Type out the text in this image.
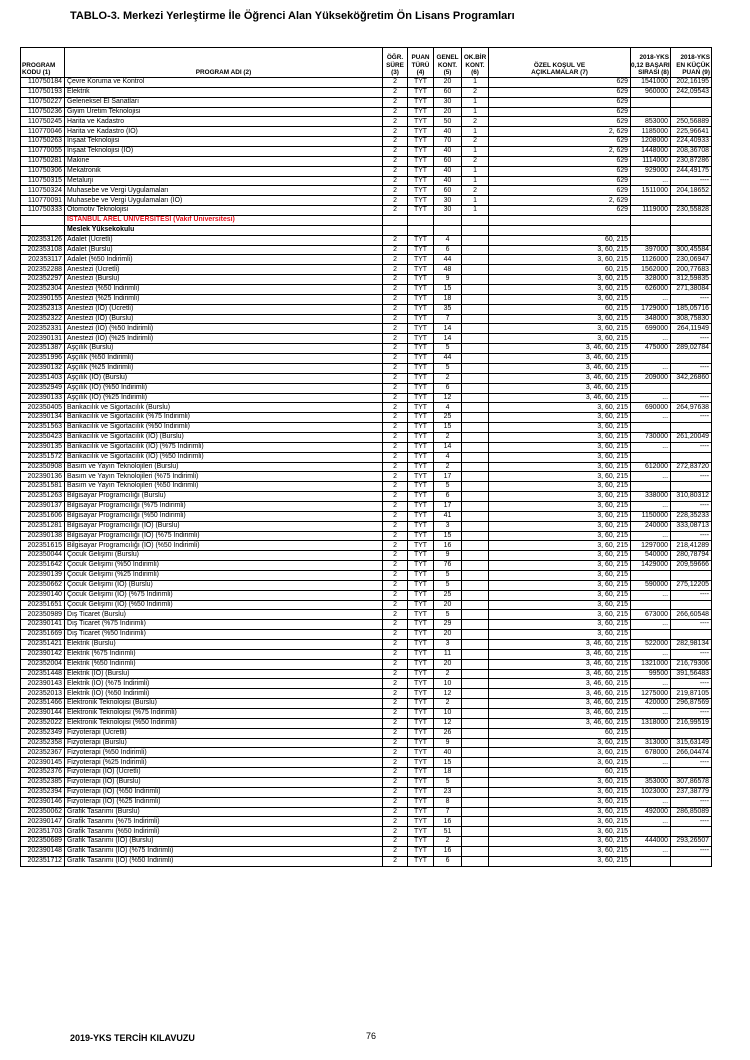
TABLO-3. Merkezi Yerleştirme İle Öğrenci Alan Yükseköğretim Ön Lisans Programları
PROGRAM
KODU (1)	PROGRAM ADI (2)	ÖĞR.
SÜRE
(3)	PUAN
TÜRÜ
(4)	GENEL
KONT.
(5)	OK.BİR
KONT.
(6)	ÖZEL KOŞUL VE
AÇIKLAMALAR (7)	2018-YKS
0,12 BAŞARI
SIRASI (8)	2018-YKS
EN KÜÇÜK
PUAN (9)
110750184	Çevre Koruma ve Kontrol	2	TYT	20	1	629	1541000	202,16195
110750193	Elektrik	2	TYT	60	2	629	960000	242,09543
110750227	Geleneksel El Sanatları	2	TYT	30	1	629		
110750236	Giyim Üretim Teknolojisi	2	TYT	20	1	629		
110750245	Harita ve Kadastro	2	TYT	50	2	629	853000	250,56889
110770046	Harita ve Kadastro (İÖ)	2	TYT	40	1	2, 629	1185000	225,96641
110750263	İnşaat Teknolojisi	2	TYT	70	2	629	1208000	224,40933
110770055	İnşaat Teknolojisi (İÖ)	2	TYT	40	1	2, 629	1448000	208,36708
110750281	Makine	2	TYT	60	2	629	1114000	230,87286
110750306	Mekatronik	2	TYT	40	1	629	929000	244,49175
110750315	Metalurji	2	TYT	40	1	629	...	----
110750324	Muhasebe ve Vergi Uygulamaları	2	TYT	60	2	629	1511000	204,18652
110770091	Muhasebe ve Vergi Uygulamaları (İÖ)	2	TYT	30	1	2, 629		
110750333	Otomotiv Teknolojisi	2	TYT	30	1	629	1119000	230,55828
	İSTANBUL AREL ÜNİVERSİTESİ (Vakıf Üniversitesi)							
	Meslek Yüksekokulu							
202353126	Adalet (Ücretli)	2	TYT	4		60, 215		
202353108	Adalet (Burslu)	2	TYT	6		3, 60, 215	397000	300,45584
202353117	Adalet (%50 İndirimli)	2	TYT	44		3, 60, 215	1126000	230,06947
202352288	Anestezi (Ücretli)	2	TYT	48		60, 215	1562000	200,77683
202352297	Anestezi (Burslu)	2	TYT	9		3, 60, 215	328000	312,59835
202352304	Anestezi (%50 İndirimli)	2	TYT	15		3, 60, 215	626000	271,38084
202390155	Anestezi (%25 İndirimli)	2	TYT	18		3, 60, 215	...	----
202352313	Anestezi (İÖ) (Ücretli)	2	TYT	35		60, 215	1729000	185,05716
202352322	Anestezi (İÖ) (Burslu)	2	TYT	7		3, 60, 215	348000	308,75830
202352331	Anestezi (İÖ) (%50 İndirimli)	2	TYT	14		3, 60, 215	699000	264,11949
202390131	Anestezi (İÖ) (%25 İndirimli)	2	TYT	14		3, 60, 215	...	----
202351387	Aşçılık (Burslu)	2	TYT	5		3, 46, 60, 215	475000	289,02784
202351996	Aşçılık (%50 İndirimli)	2	TYT	44		3, 46, 60, 215		
202390132	Aşçılık (%25 İndirimli)	2	TYT	5		3, 46, 60, 215	...	----
202351403	Aşçılık (İÖ) (Burslu)	2	TYT	2		3, 46, 60, 215	209000	342,26860
202352949	Aşçılık (İÖ) (%50 İndirimli)	2	TYT	6		3, 46, 60, 215		
202390133	Aşçılık (İÖ) (%25 İndirimli)	2	TYT	12		3, 46, 60, 215	...	----
202350405	Bankacılık ve Sigortacılık (Burslu)	2	TYT	4		3, 60, 215	690000	264,97638
202390134	Bankacılık ve Sigortacılık (%75 İndirimli)	2	TYT	25		3, 60, 215	...	----
202351563	Bankacılık ve Sigortacılık (%50 İndirimli)	2	TYT	15		3, 60, 215		
202350423	Bankacılık ve Sigortacılık (İÖ) (Burslu)	2	TYT	2		3, 60, 215	730000	261,20049
202390135	Bankacılık ve Sigortacılık (İÖ) (%75 İndirimli)	2	TYT	14		3, 60, 215	...	----
202351572	Bankacılık ve Sigortacılık (İÖ) (%50 İndirimli)	2	TYT	4		3, 60, 215		
202350908	Basım ve Yayın Teknolojileri (Burslu)	2	TYT	2		3, 60, 215	612000	272,83720
202390136	Basım ve Yayın Teknolojileri (%75 İndirimli)	2	TYT	17		3, 60, 215	...	----
202351581	Basım ve Yayın Teknolojileri (%50 İndirimli)	2	TYT	5		3, 60, 215		
202351263	Bilgisayar Programcılığı (Burslu)	2	TYT	6		3, 60, 215	338000	310,80312
202390137	Bilgisayar Programcılığı (%75 İndirimli)	2	TYT	17		3, 60, 215	...	----
202351606	Bilgisayar Programcılığı (%50 İndirimli)	2	TYT	41		3, 60, 215	1150000	228,35233
202351281	Bilgisayar Programcılığı (İÖ) (Burslu)	2	TYT	3		3, 60, 215	240000	333,08713
202390138	Bilgisayar Programcılığı (İÖ) (%75 İndirimli)	2	TYT	15		3, 60, 215	...	----
202351615	Bilgisayar Programcılığı (İÖ) (%50 İndirimli)	2	TYT	16		3, 60, 215	1297000	218,41289
202350044	Çocuk Gelişimi (Burslu)	2	TYT	9		3, 60, 215	540000	280,78794
202351642	Çocuk Gelişimi (%50 İndirimli)	2	TYT	76		3, 60, 215	1429000	209,59666
202390139	Çocuk Gelişimi (%25 İndirimli)	2	TYT	5		3, 60, 215		
202350662	Çocuk Gelişimi (İÖ) (Burslu)	2	TYT	5		3, 60, 215	590000	275,12205
202390140	Çocuk Gelişimi (İÖ) (%75 İndirimli)	2	TYT	25		3, 60, 215	...	----
202351651	Çocuk Gelişimi (İÖ) (%50 İndirimli)	2	TYT	20		3, 60, 215		
202350989	Dış Ticaret (Burslu)	2	TYT	5		3, 60, 215	673000	266,60548
202390141	Dış Ticaret (%75 İndirimli)	2	TYT	29		3, 60, 215	...	----
202351669	Dış Ticaret (%50 İndirimli)	2	TYT	20		3, 60, 215		
202351421	Elektrik (Burslu)	2	TYT	3		3, 46, 60, 215	522000	282,98134
202390142	Elektrik (%75 İndirimli)	2	TYT	11		3, 46, 60, 215	...	----
202352004	Elektrik (%50 İndirimli)	2	TYT	20		3, 46, 60, 215	1321000	216,79306
202351448	Elektrik (İÖ) (Burslu)	2	TYT	2		3, 46, 60, 215	99500	391,56483
202390143	Elektrik (İÖ) (%75 İndirimli)	2	TYT	10		3, 46, 60, 215	...	----
202352013	Elektrik (İÖ) (%50 İndirimli)	2	TYT	12		3, 46, 60, 215	1275000	219,87105
202351466	Elektronik Teknolojisi (Burslu)	2	TYT	2		3, 46, 60, 215	420000	296,87569
202390144	Elektronik Teknolojisi (%75 İndirimli)	2	TYT	10		3, 46, 60, 215	...	----
202352022	Elektronik Teknolojisi (%50 İndirimli)	2	TYT	12		3, 46, 60, 215	1318000	216,99519
202352349	Fizyoterapi (Ücretli)	2	TYT	26		60, 215		
202352358	Fizyoterapi (Burslu)	2	TYT	9		3, 60, 215	313000	315,63149
202352367	Fizyoterapi (%50 İndirimli)	2	TYT	40		3, 60, 215	678000	266,04474
202390145	Fizyoterapi (%25 İndirimli)	2	TYT	15		3, 60, 215	...	----
202352376	Fizyoterapi (İÖ) (Ücretli)	2	TYT	18		60, 215		
202352385	Fizyoterapi (İÖ) (Burslu)	2	TYT	5		3, 60, 215	353000	307,86578
202352394	Fizyoterapi (İÖ) (%50 İndirimli)	2	TYT	23		3, 60, 215	1023000	237,38779
202390146	Fizyoterapi (İÖ) (%25 İndirimli)	2	TYT	8		3, 60, 215	...	----
202350062	Grafik Tasarımı (Burslu)	2	TYT	7		3, 60, 215	492000	286,85089
202390147	Grafik Tasarımı (%75 İndirimli)	2	TYT	16		3, 60, 215	...	----
202351703	Grafik Tasarımı (%50 İndirimli)	2	TYT	51		3, 60, 215		
202350689	Grafik Tasarımı (İÖ) (Burslu)	2	TYT	2		3, 60, 215	444000	293,26507
202390148	Grafik Tasarımı (İÖ) (%75 İndirimli)	2	TYT	16		3, 60, 215	...	----
202351712	Grafik Tasarımı (İÖ) (%50 İndirimli)	2	TYT	6		3, 60, 215		
2019-YKS TERCİH KILAVUZU	76
